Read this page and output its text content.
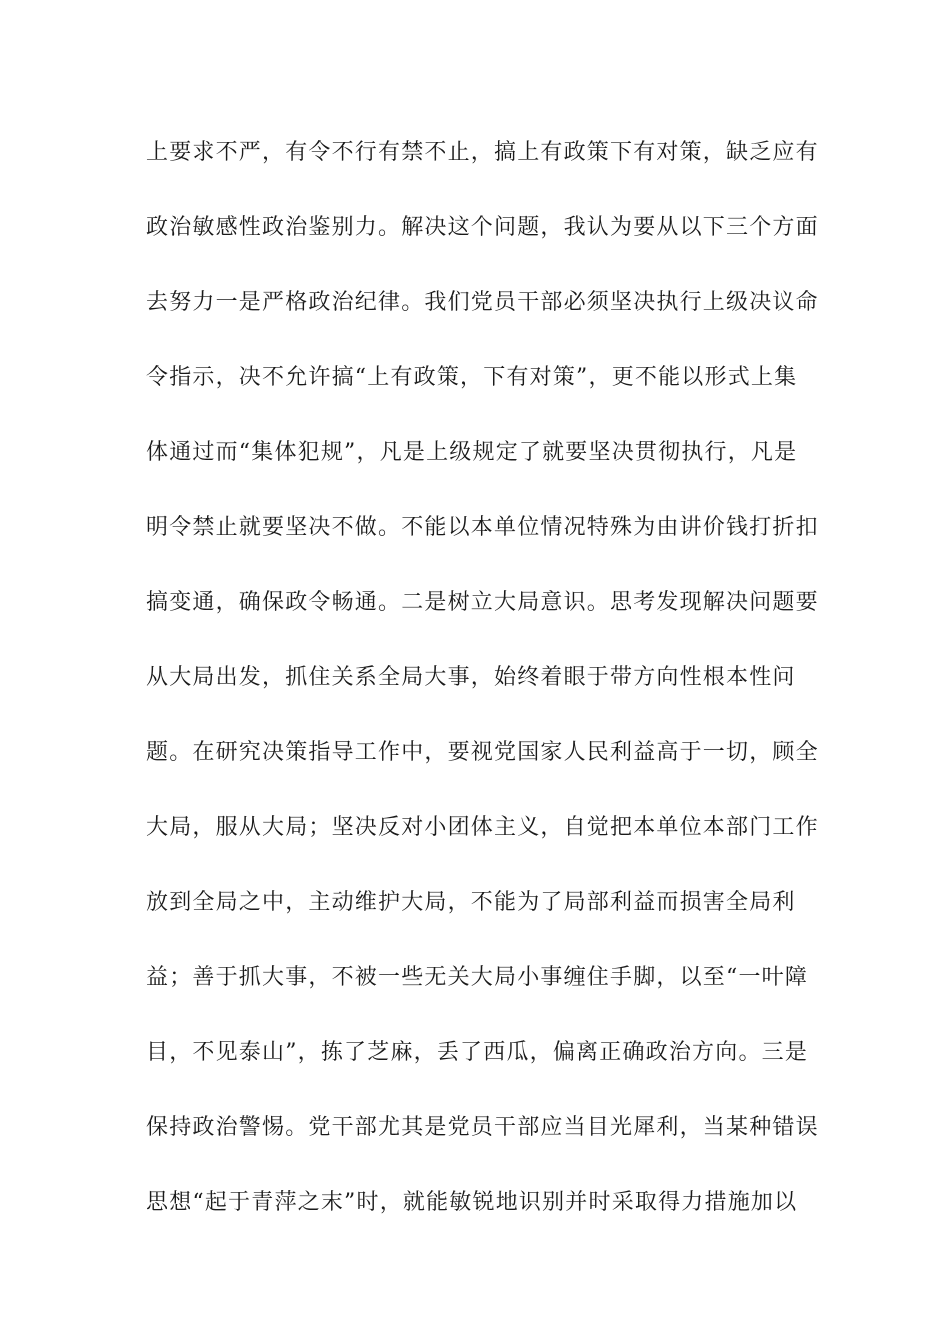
上要求不严，有令不行有禁不止，搞上有政策下有对策，缺乏应有
政治敏感性政治鉴别力。解决这个问题，我认为要从以下三个方面
去努力一是严格政治纪律。我们党员干部必须坚决执行上级决议命
令指示，决不允许搞“上有政策，下有对策”，更不能以形式上集
体通过而“集体犯规”，凡是上级规定了就要坚决贯彻执行，凡是
明令禁止就要坚决不做。不能以本单位情况特殊为由讲价钱打折扣
搞变通，确保政令畅通。二是树立大局意识。思考发现解决问题要
从大局出发，抓住关系全局大事，始终着眼于带方向性根本性问
题。在研究决策指导工作中，要视党国家人民利益高于一切，顾全
大局，服从大局；坚决反对小团体主义，自觉把本单位本部门工作
放到全局之中，主动维护大局，不能为了局部利益而损害全局利
益；善于抓大事，不被一些无关大局小事缠住手脚，以至“一叶障
目，不见泰山”，拣了芝麻，丢了西瓜，偏离正确政治方向。三是
保持政治警惕。党干部尤其是党员干部应当目光犀利，当某种错误
思想“起于青萍之末”时，就能敏锐地识别并时采取得力措施加以
